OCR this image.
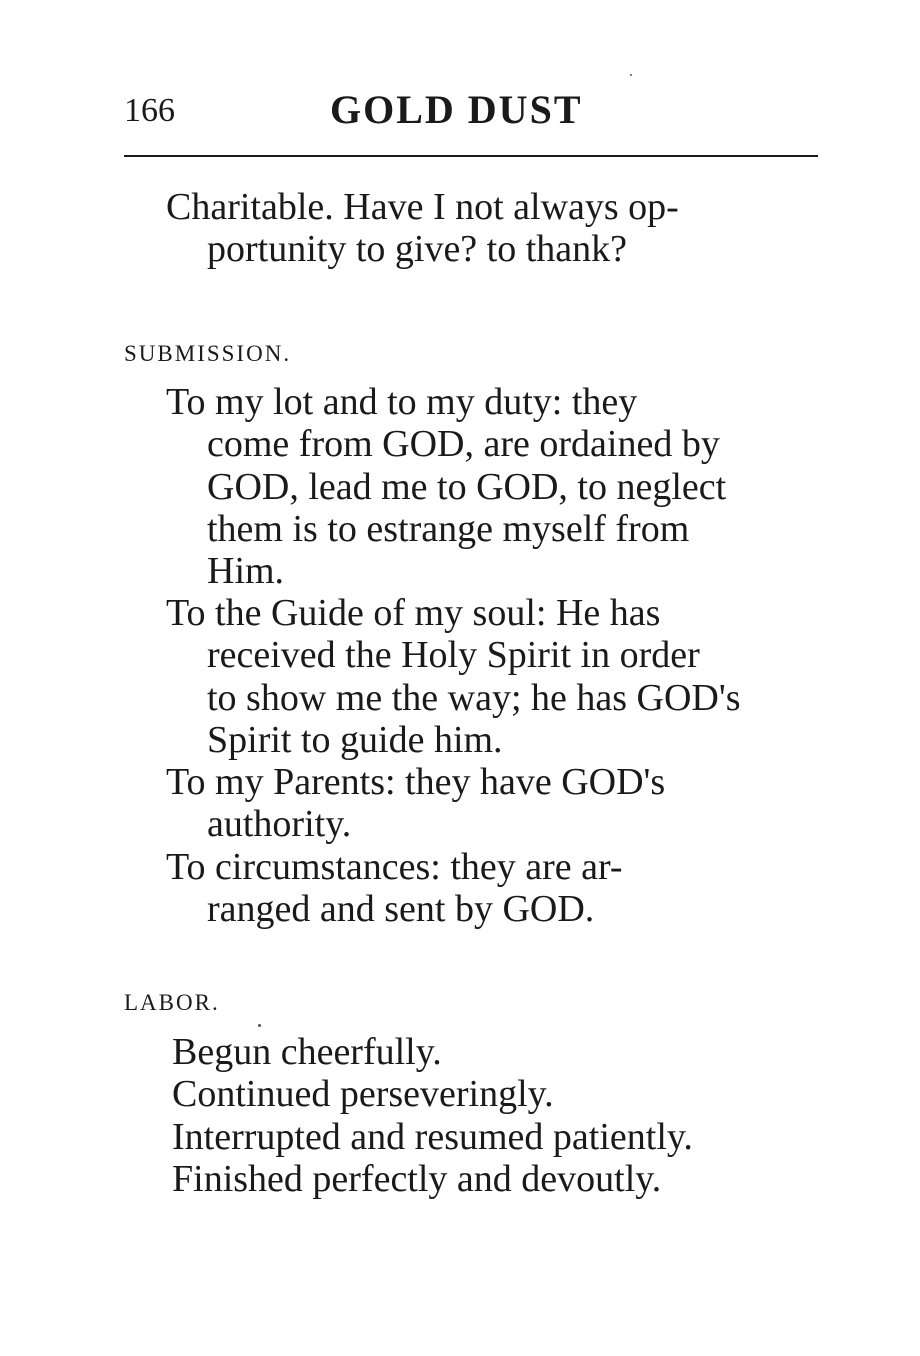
166	GOLD DUST
Charitable. Have I not always op-
portunity to give? to thank?
SUBMISSION.
To my lot and to my duty: they
come from GOD, are ordained by
GOD, lead me to GOD, to neglect
them is to estrange myself from
Him.
To the Guide of my soul: He has
received the Holy Spirit in order
to show me the way; he has GOD's
Spirit to guide him.
To my Parents: they have GOD's
authority.
To circumstances: they are ar-
ranged and sent by GOD.
LABOR.
Begun cheerfully.
Continued perseveringly.
Interrupted and resumed patiently.
Finished perfectly and devoutly.
